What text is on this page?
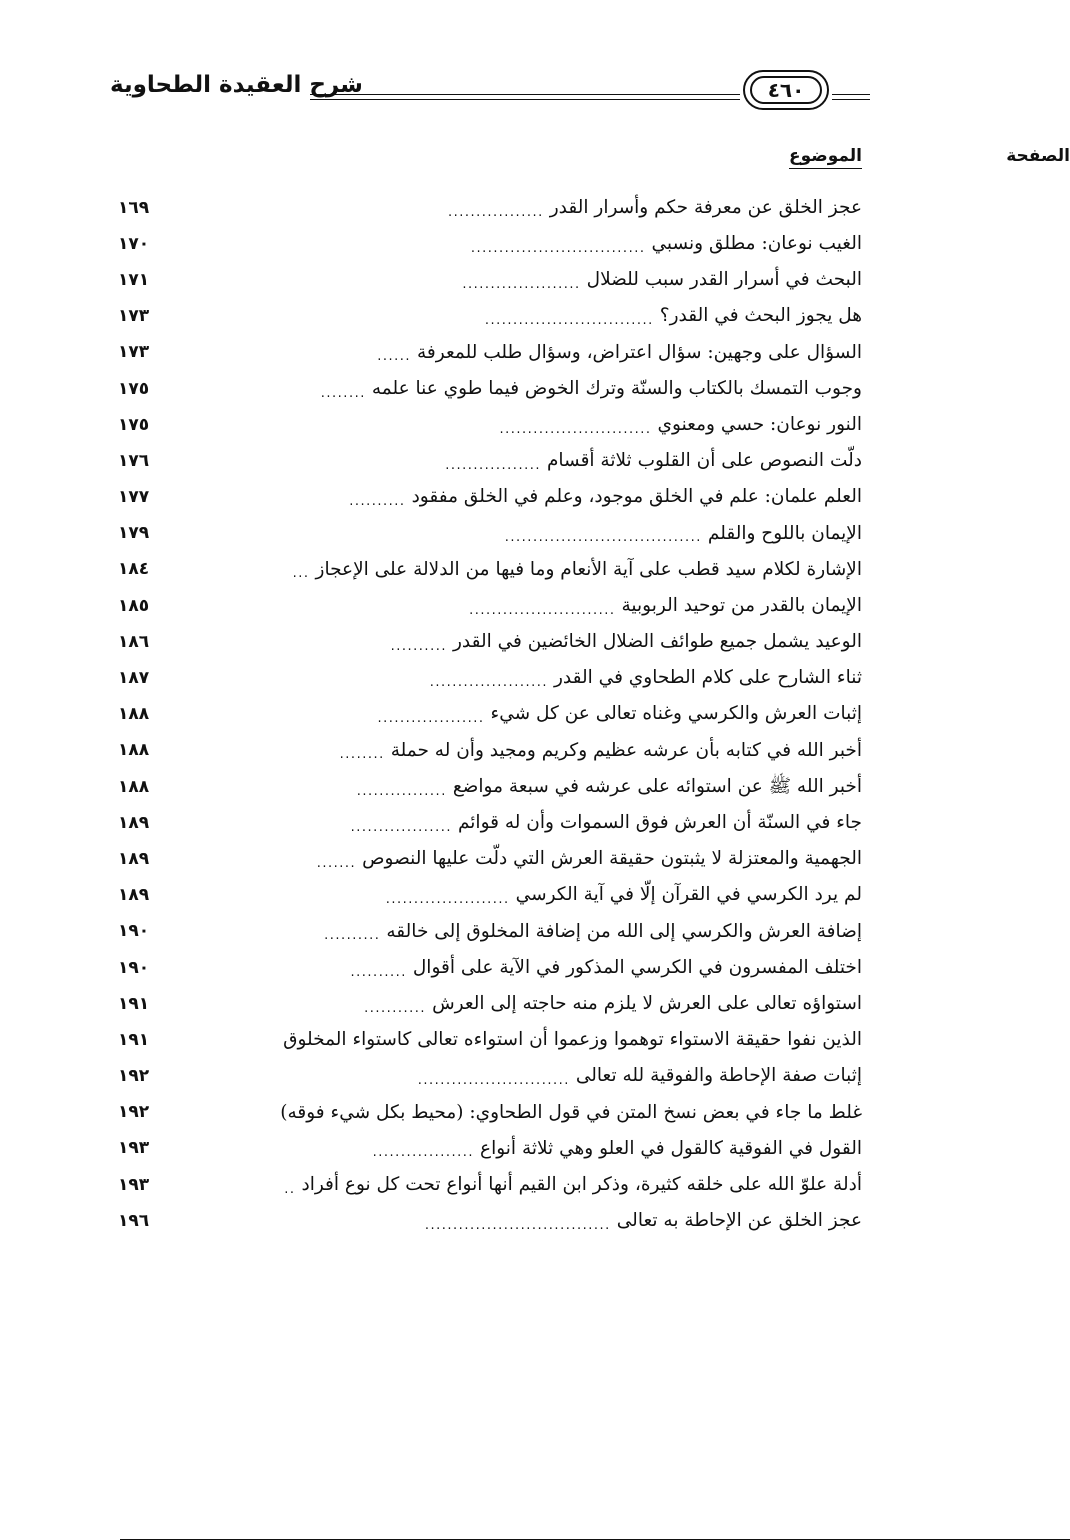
شرح العقيدة الطحاوية	٤٦٠
الموضوع	الصفحة
عجز الخلق عن معرفة حكم وأسرار القدر
.................
١٦٩
الغيب نوعان: مطلق ونسبي
...............................
١٧٠
البحث في أسرار القدر سبب للضلال
.....................
١٧١
هل يجوز البحث في القدر؟
..............................
١٧٣
السؤال على وجهين: سؤال اعتراض، وسؤال طلب للمعرفة
......
١٧٣
وجوب التمسك بالكتاب والسنّة وترك الخوض فيما طوي عنا علمه
........
١٧٥
النور نوعان: حسي ومعنوي
...........................
١٧٥
دلّت النصوص على أن القلوب ثلاثة أقسام
.................
١٧٦
العلم علمان: علم في الخلق موجود، وعلم في الخلق مفقود
..........
١٧٧
الإيمان باللوح والقلم
...................................
١٧٩
الإشارة لكلام سيد قطب على آية الأنعام وما فيها من الدلالة على الإعجاز
...
١٨٤
الإيمان بالقدر من توحيد الربوبية
..........................
١٨٥
الوعيد يشمل جميع طوائف الضلال الخائضين في القدر
..........
١٨٦
ثناء الشارح على كلام الطحاوي في القدر
.....................
١٨٧
إثبات العرش والكرسي وغناه تعالى عن كل شيء
...................
١٨٨
أخبر الله في كتابه بأن عرشه عظيم وكريم ومجيد وأن له حملة
........
١٨٨
أخبر الله ﷺ عن استوائه على عرشه في سبعة مواضع
................
١٨٨
جاء في السنّة أن العرش فوق السموات وأن له قوائم
..................
١٨٩
الجهمية والمعتزلة لا يثبتون حقيقة العرش التي دلّت عليها النصوص
.......
١٨٩
لم يرد الكرسي في القرآن إلّا في آية الكرسي
......................
١٨٩
إضافة العرش والكرسي إلى الله من إضافة المخلوق إلى خالقه
..........
١٩٠
اختلف المفسرون في الكرسي المذكور في الآية على أقوال
..........
١٩٠
استواؤه تعالى على العرش لا يلزم منه حاجته إلى العرش
...........
١٩١
الذين نفوا حقيقة الاستواء توهموا وزعموا أن استواءه تعالى كاستواء المخلوق
١٩١
إثبات صفة الإحاطة والفوقية لله تعالى
...........................
١٩٢
غلط ما جاء في بعض نسخ المتن في قول الطحاوي: (محيط بكل شيء فوقه)
١٩٢
القول في الفوقية كالقول في العلو وهي ثلاثة أنواع
..................
١٩٣
أدلة علوّ الله على خلقه كثيرة، وذكر ابن القيم أنها أنواع تحت كل نوع أفراد
..
١٩٣
عجز الخلق عن الإحاطة به تعالى
.................................
١٩٦
